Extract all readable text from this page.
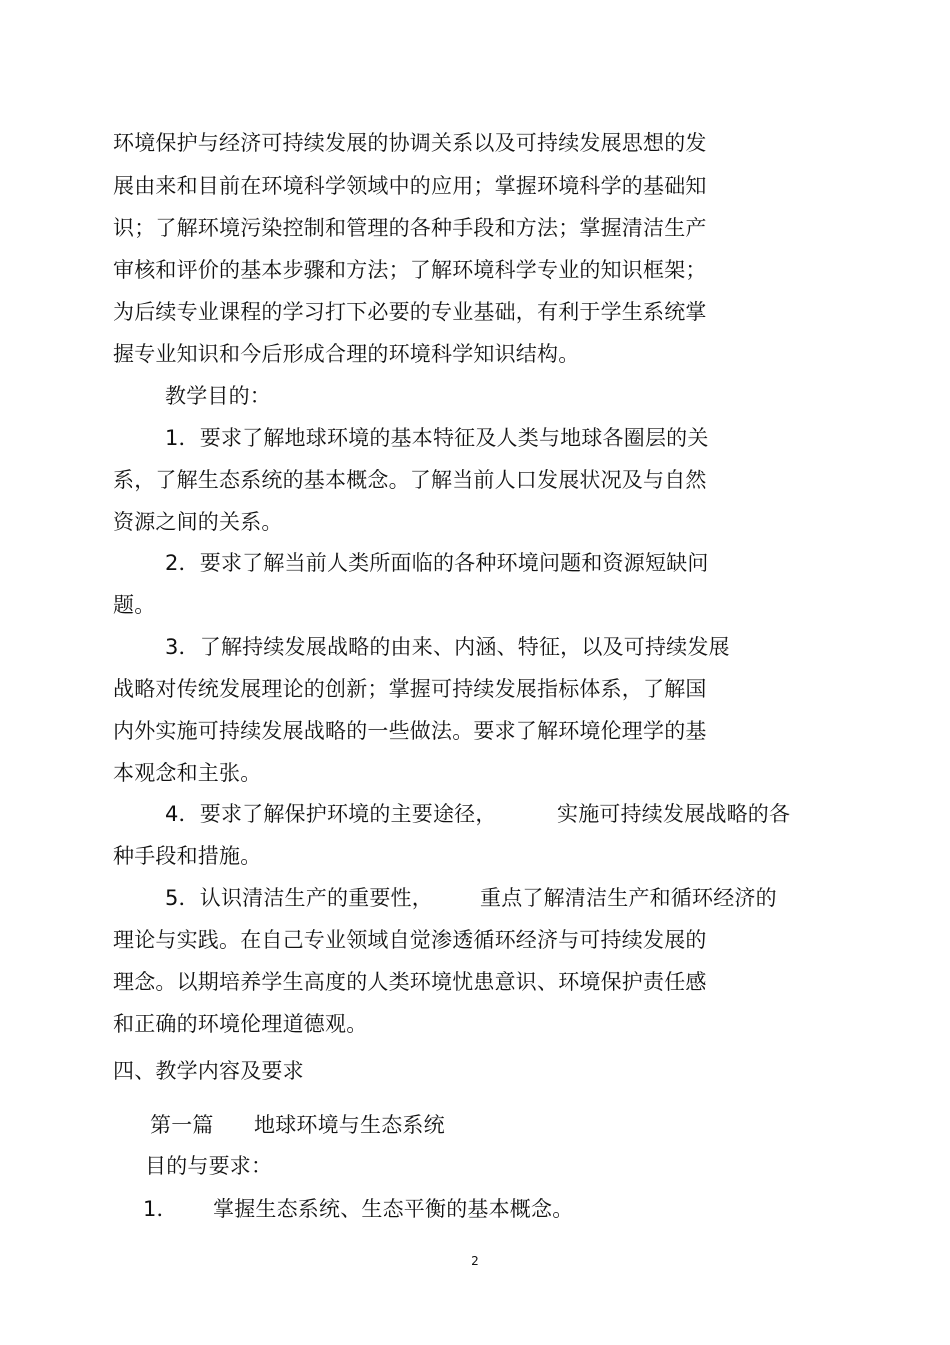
环境保护与经济可持续发展的协调关系以及可持续发展思想的发
展由来和目前在环境科学领域中的应用；掌握环境科学的基础知
识；了解环境污染控制和管理的各种手段和方法；掌握清洁生产
审核和评价的基本步骤和方法；了解环境科学专业的知识框架；
为后续专业课程的学习打下必要的专业基础，有利于学生系统掌
握专业知识和今后形成合理的环境科学知识结构。
教学目的：
1．要求了解地球环境的基本特征及人类与地球各圈层的关
系，了解生态系统的基本概念。了解当前人口发展状况及与自然
资源之间的关系。
2．要求了解当前人类所面临的各种环境问题和资源短缺问
题。
3．了解持续发展战略的由来、内涵、特征，以及可持续发展
战略对传统发展理论的创新；掌握可持续发展指标体系，了解国
内外实施可持续发展战略的一些做法。要求了解环境伦理学的基
本观念和主张。
4．要求了解保护环境的主要途径，	实施可持续发展战略的各
种手段和措施。
5．认识清洁生产的重要性， 重点了解清洁生产和循环经济的
理论与实践。在自己专业领域自觉渗透循环经济与可持续发展的
理念。以期培养学生高度的人类环境忧患意识、环境保护责任感
和正确的环境伦理道德观。
四、教学内容及要求
第一篇 地球环境与生态系统
目的与要求：
1． 掌握生态系统、生态平衡的基本概念。
2
